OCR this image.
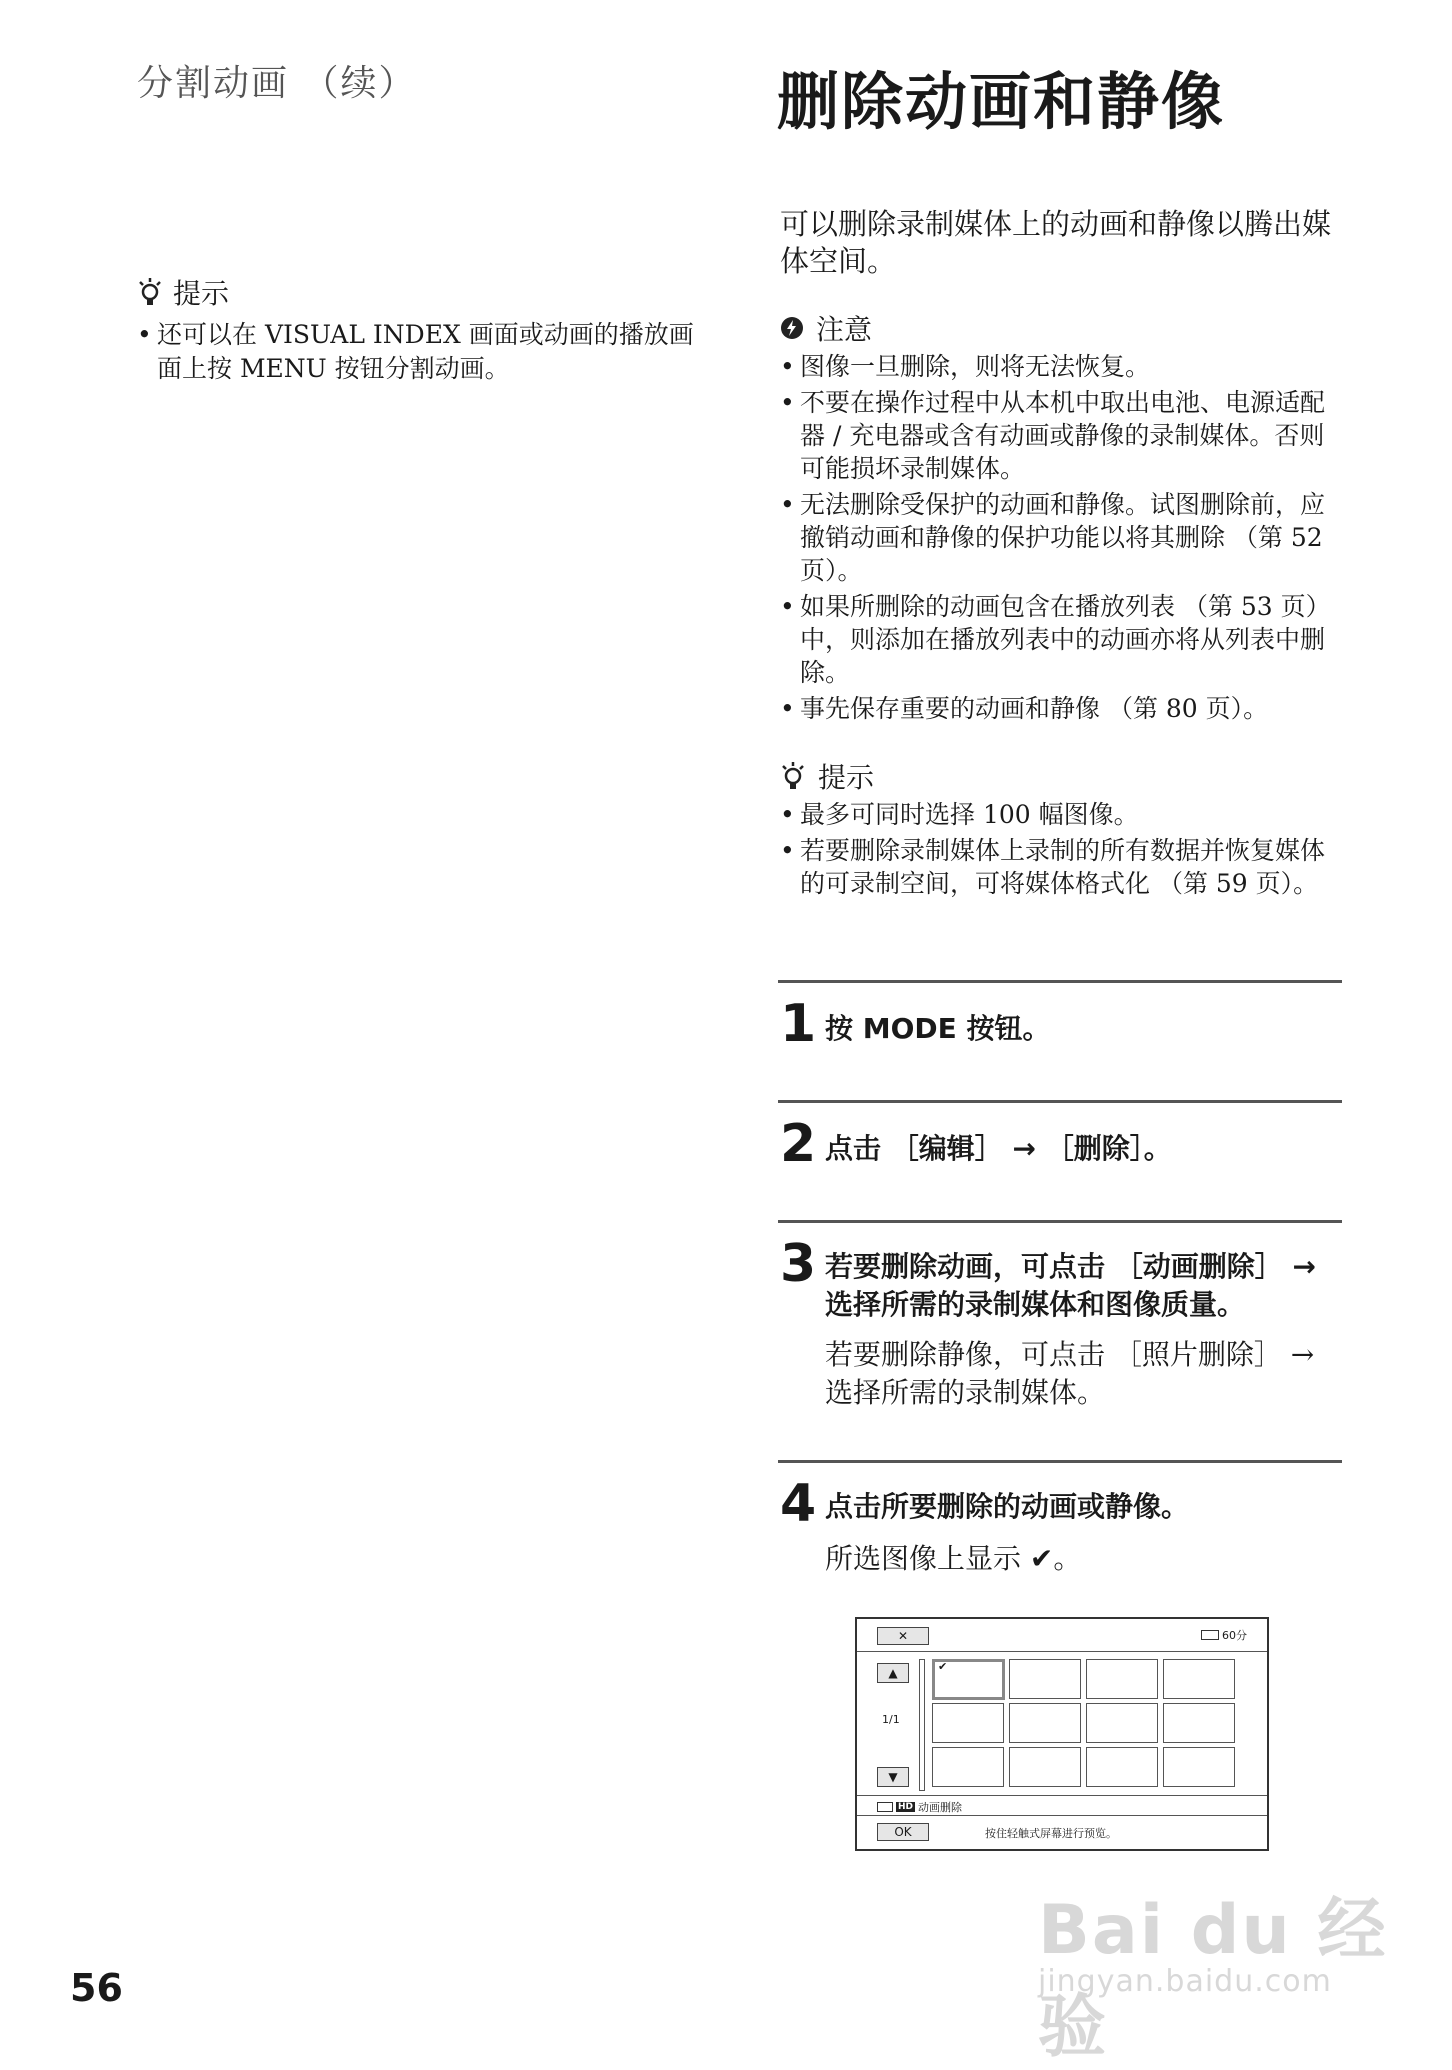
分割动画 （续）
提示
• 还可以在 VISUAL INDEX 画面或动画的播放画面上按 MENU 按钮分割动画。
删除动画和静像

可以删除录制媒体上的动画和静像以腾出媒体空间。

注意
• 图像一旦删除，则将无法恢复。
• 不要在操作过程中从本机中取出电池、电源适配器 / 充电器或含有动画或静像的录制媒体。否则可能损坏录制媒体。
• 无法删除受保护的动画和静像。试图删除前，应撤销动画和静像的保护功能以将其删除 （第 52 页）。
• 如果所删除的动画包含在播放列表 （第 53 页）中，则添加在播放列表中的动画亦将从列表中删除。
• 事先保存重要的动画和静像 （第 80 页）。
提示
• 最多可同时选择 100 幅图像。
• 若要删除录制媒体上录制的所有数据并恢复媒体的可录制空间，可将媒体格式化 （第 59 页）。
1 按 MODE 按钮。
2 点击 ［编辑］ → ［删除］。
3 若要删除动画，可点击 ［动画删除］ → 选择所需的录制媒体和图像质量。
若要删除静像，可点击 ［照片删除］ → 选择所需的录制媒体。
4 点击所要删除的动画或静像。
所选图像上显示 ✔。
✕	60分
▲
1/1
▼
✔
HD 动画删除
OK	按住轻触式屏幕进行预览。
56
Bai du 经验
jingyan.baidu.com
